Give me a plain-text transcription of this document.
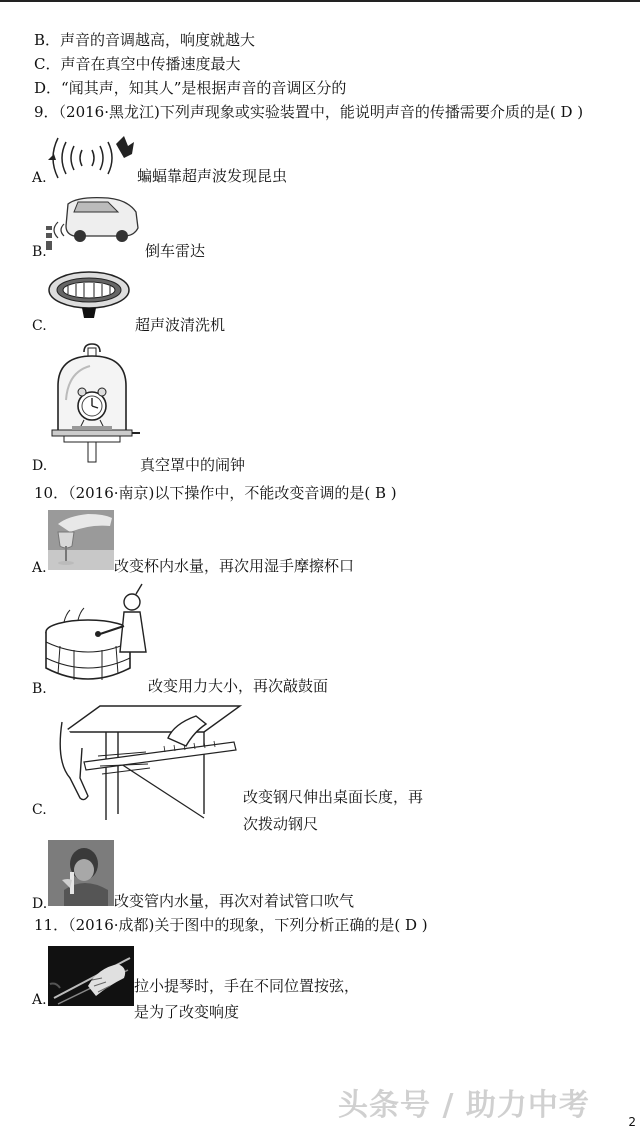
B．声音的音调越高，响度就越大
C．声音在真空中传播速度最大
D．“闻其声，知其人”是根据声音的音调区分的
9．（2016·黑龙江)下列声现象或实验装置中，能说明声音的传播需要介质的是( D )
A.	蝙蝠靠超声波发现昆虫
B.	倒车雷达
C.	超声波清洗机
D.	真空罩中的闹钟
10．（2016·南京)以下操作中，不能改变音调的是( B )
A.	改变杯内水量，再次用湿手摩擦杯口
B.	改变用力大小，再次敲鼓面
C.
改变钢尺伸出桌面长度，再
次拨动钢尺
D.	改变管内水量，再次对着试管口吹气
11．（2016·成都)关于图中的现象，下列分析正确的是( D )
A.
拉小提琴时，手在不同位置按弦，
是为了改变响度
头条号 / 助力中考	2
